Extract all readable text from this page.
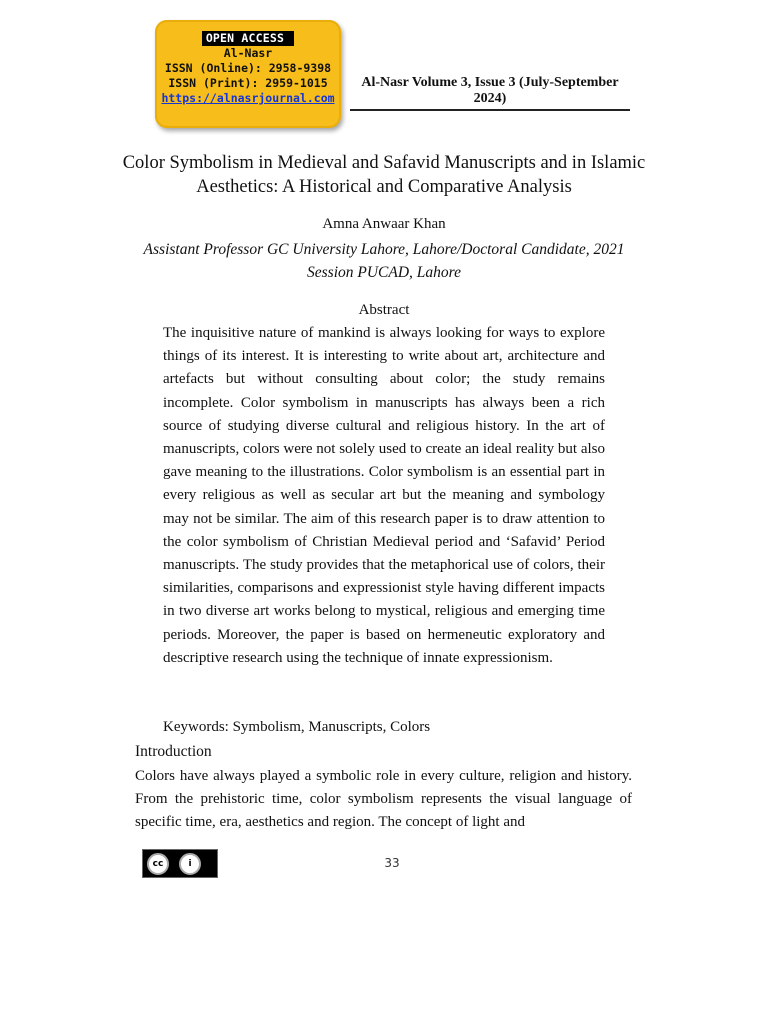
OPEN ACCESS
Al-Nasr
ISSN (Online): 2958-9398
ISSN (Print): 2959-1015
https://alnasrjournal.com
Al-Nasr Volume 3, Issue 3 (July-September 2024)
Color Symbolism in Medieval and Safavid Manuscripts and in Islamic Aesthetics: A Historical and Comparative Analysis
Amna Anwaar Khan
Assistant Professor GC University Lahore, Lahore/Doctoral Candidate, 2021 Session PUCAD, Lahore
Abstract

The inquisitive nature of mankind is always looking for ways to explore things of its interest. It is interesting to write about art, architecture and artefacts but without consulting about color; the study remains incomplete. Color symbolism in manuscripts has always been a rich source of studying diverse cultural and religious history. In the art of manuscripts, colors were not solely used to create an ideal reality but also gave meaning to the illustrations. Color symbolism is an essential part in every religious as well as secular art but the meaning and symbology may not be similar. The aim of this research paper is to draw attention to the color symbolism of Christian Medieval period and ‘Safavid’ Period manuscripts. The study provides that the metaphorical use of colors, their similarities, comparisons and expressionist style having different impacts in two diverse art works belong to mystical, religious and emerging time periods. Moreover, the paper is based on hermeneutic exploratory and descriptive research using the technique of innate expressionism.

Keywords: Symbolism, Manuscripts, Colors
Introduction

Colors have always played a symbolic role in every culture, religion and history. From the prehistoric time, color symbolism represents the visual language of specific time, era, aesthetics and region. The concept of light and

cc	i
BY
33
